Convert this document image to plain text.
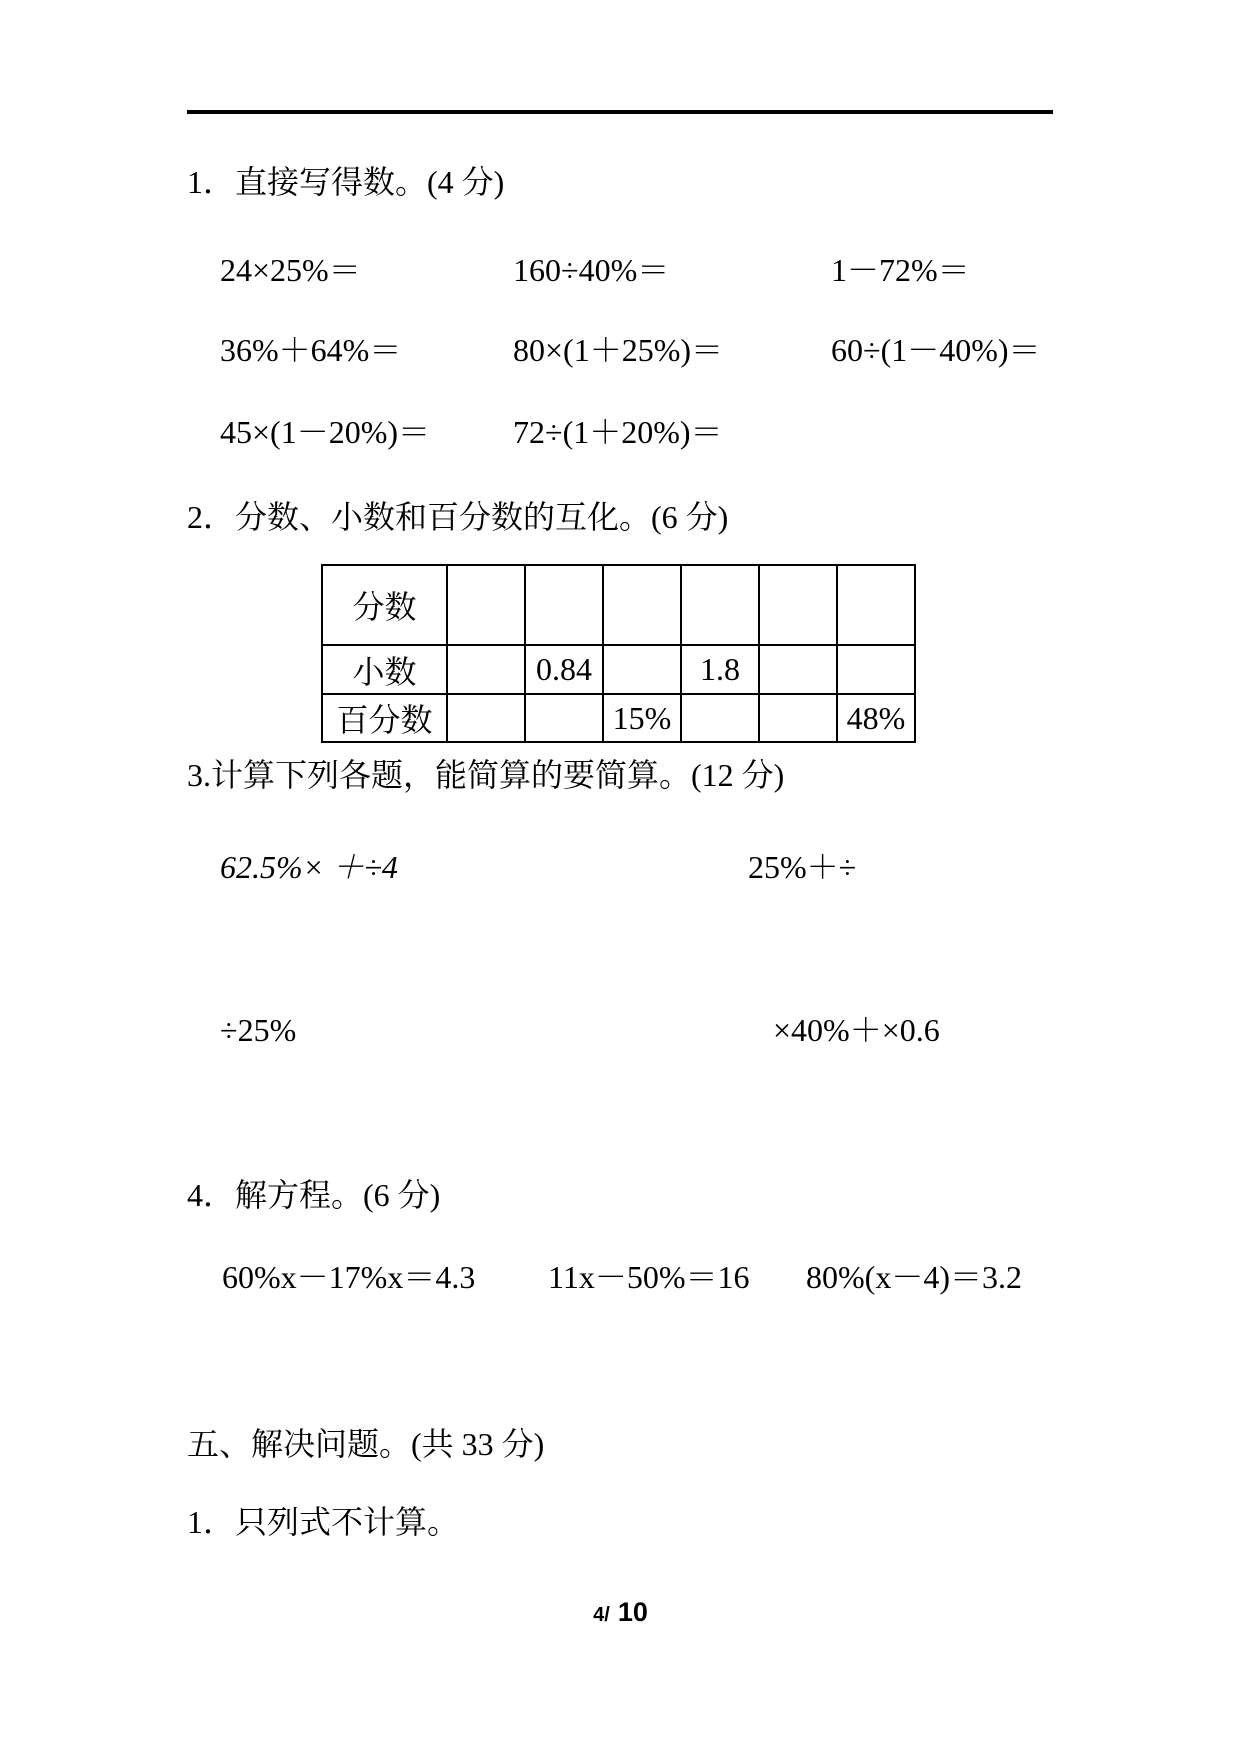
1．直接写得数。(4 分)
24×25%＝	160÷40%＝	1－72%＝
36%＋64%＝	80×(1＋25%)＝	60÷(1－40%)＝
45×(1－20%)＝	72÷(1＋20%)＝
2．分数、小数和百分数的互化。(6 分)
分数						
小数		0.84		1.8		
百分数			15%			48%
3.计算下列各题，能简算的要简算。(12 分)
62.5%× ＋÷4	25%＋÷
÷25%	×40%＋×0.6
4．解方程。(6 分)
60%x－17%x＝4.3 11x－50%＝16 80%(x－4)＝3.2
五、解决问题。(共 33 分)
1．只列式不计算。
4/ 10
